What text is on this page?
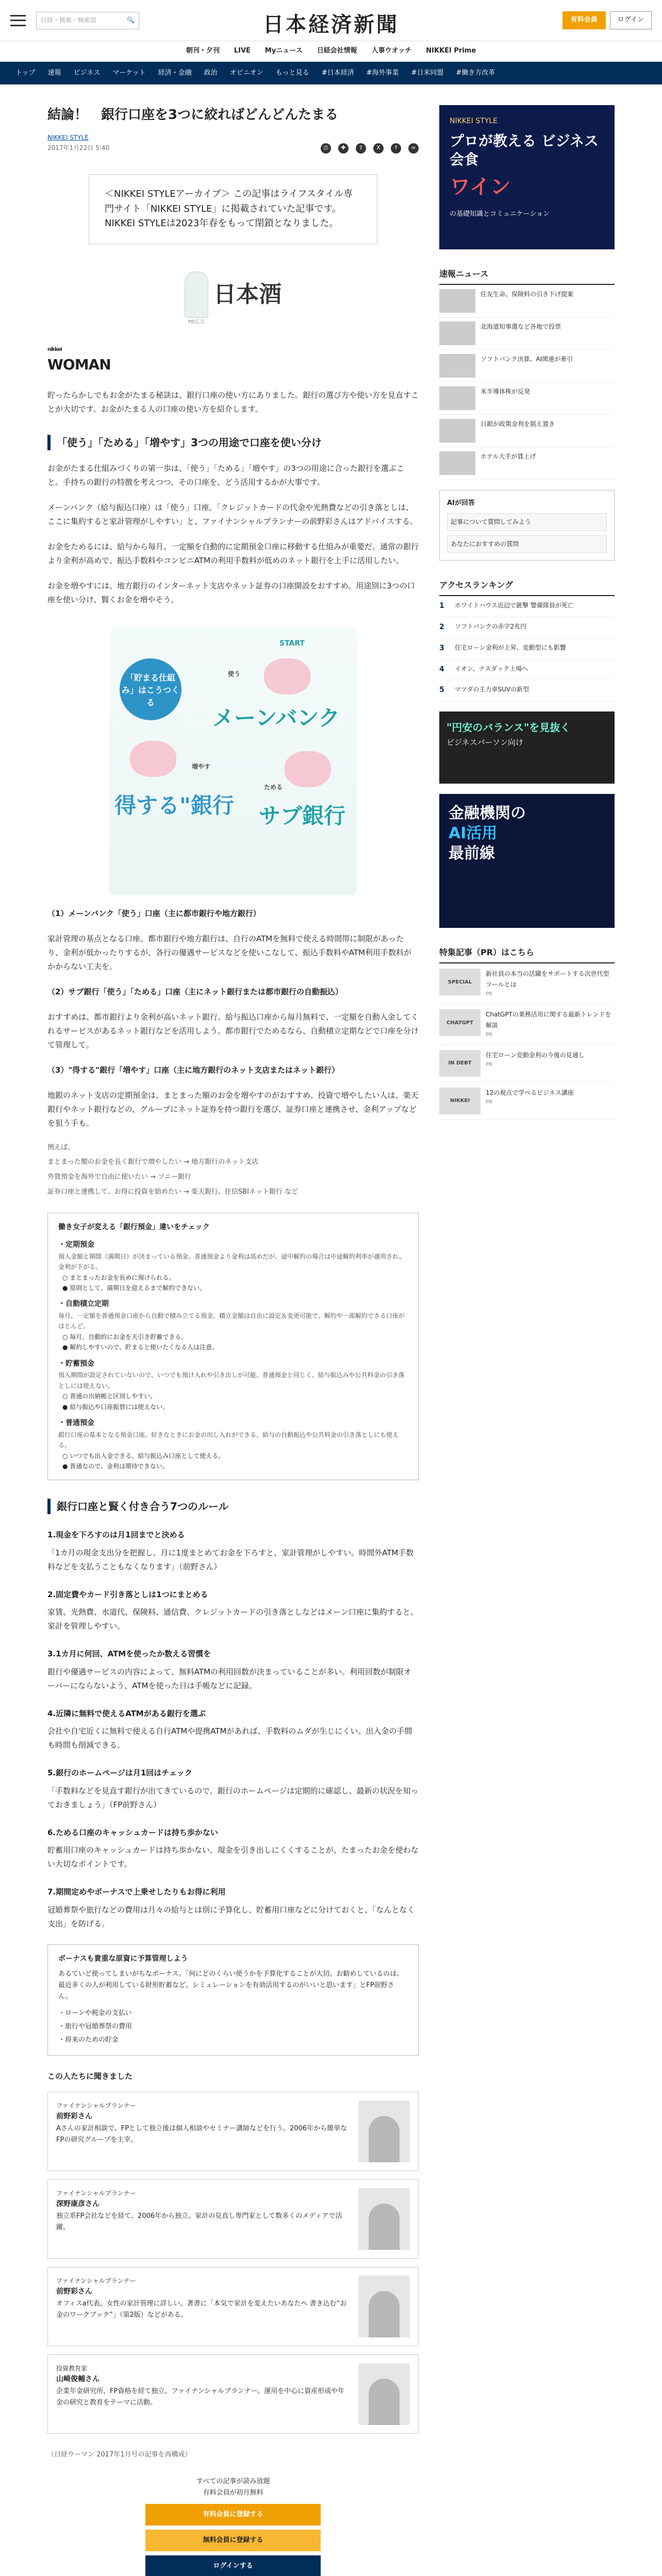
日経・検索・検索語	🔍	日本経済新聞	有料会員	ログイン
朝刊・夕刊 LIVE Myニュース 日経会社情報 人事ウオッチ NIKKEI Prime
トップ 速報 ビジネス マーケット 経済・金融 政治 オピニオン もっと見る #日本経済 #海外事業 #日米同盟 #働き方改革
結論！　銀行口座を3つに絞ればどんどんたまる
NIKKEI STYLE
2017年1月22日 5:40	⎙	✚	⇪	X	f	∞
＜NIKKEI STYLEアーカイブ＞ この記事はライフスタイル専門サイト「NIKKEI STYLE」に掲載されていた記事です。NIKKEI STYLEは2023年春をもって閉鎖となりました。
PR広告
日本酒
nikkei
WOMAN

貯ったらかしでもお金がたまる秘訣は、銀行口座の使い方にありました。銀行の選び方や使い方を見直すことが大切です。お金がたまる人の口座の使い方を紹介します。

「使う」「ためる」「増やす」3つの用途で口座を使い分け

お金がたまる仕組みづくりの第一歩は、「使う」「ためる」「増やす」の3つの用途に合った銀行を選ぶこと。手持ちの銀行の特徴を考えつつ、その口座を、どう活用するかが大事です。

メーンバンク（給与振込口座）は「使う」口座。「クレジットカードの代金や光熱費などの引き落としは、ここに集約すると家計管理がしやすい」と、ファイナンシャルプランナーの前野彩さんはアドバイスする。

お金をためるには、給与から毎月、一定額を自動的に定期預金口座に移動する仕組みが重要だ。通常の銀行より金利が高めで、振込手数料やコンビニATMの利用手数料が低めのネット銀行を上手に活用したい。

お金を増やすには、地方銀行のインターネット支店やネット証券の口座開設をおすすめ。用途別に3つの口座を使い分け、賢くお金を増やそう。

「貯まる仕組み」はこうつくる
START
使う
メーンバンク
増やす
得する"銀行
ためる
サブ銀行

（1）メーンバンク「使う」口座（主に都市銀行や地方銀行）

家計管理の基点となる口座。都市銀行や地方銀行は、自行のATMを無料で使える時間帯に制限があったり、金利が低かったりするが、各行の優遇サービスなどを使いこなして、振込手数料やATM利用手数料がかからない工夫を。

（2）サブ銀行「使う」「ためる」口座（主にネット銀行または都市銀行の自動振込）

おすすめは、都市銀行より金利が高いネット銀行。給与振込口座から毎月無料で、一定額を自動入金してくれるサービスがあるネット銀行などを活用しよう。都市銀行でためるなら、自動積立定期などで口座を分けて管理して。

（3）"得する"銀行「増やす」口座（主に地方銀行のネット支店またはネット銀行）

地銀のネット支店の定期預金は、まとまった額のお金を増やすのがおすすめ。投資で増やしたい人は、楽天銀行やネット銀行などの、グループにネット証券を持つ銀行を選び、証券口座と連携させ、金利アップなどを狙う手も。

例えば、
まとまった額のお金を長く銀行で増やしたい → 地方銀行のネット支店
外貨預金を海外で自由に使いたい → ソニー銀行
証券口座と連携して、お得に投資を始めたい → 楽天銀行、住信SBIネット銀行 など
働き女子が変える「銀行預金」違いをチェック
・定期預金
預入金額と期間（満期日）が決まっている預金。普通預金より金利は高めだが、途中解約の場合は中途解約利率が適用され、金利が下がる。
○ まとまったお金を長めに預けられる。
● 原則として、満期日を迎えるまで解約できない。
・自動積立定期
毎月、一定額を普通預金口座から自動で積み立てる預金。積立金額は自由に設定＆変更可能で、解約や一部解約できる口座がほとんど。
○ 毎月、自動的にお金を天引き貯蓄できる。
● 解約しやすいので、貯まると使いたくなる人は注意。
・貯蓄預金
預入期間が設定されていないので、いつでも預け入れや引き出しが可能。普通預金と同じく、給与振込みや公共料金の引き落としには使えない。
○ 普通の出納帳と区別しやすい。
● 給与振込や口座振替には使えない。
・普通預金
銀行口座の基本となる預金口座。好きなときにお金の出し入れができる。給与の自動振込や公共料金の引き落としにも使える。
○ いつでも出入金できる、給与振込み口座として使える。
● 普通なので、金利は期待できない。
銀行口座と賢く付き合う7つのルール
1.現金を下ろすのは月1回までと決める

「1カ月の現金支出分を把握し、月に1度まとめてお金を下ろすと、家計管理がしやすい。時間外ATM手数料などを支払うこともなくなります」（前野さん）

2.固定費やカード引き落としは1つにまとめる

家賃、光熱費、水道代、保険料、通信費、クレジットカードの引き落としなどはメーン口座に集約すると、家計を管理しやすい。

3.1カ月に何回、ATMを使ったか数える習慣を

銀行や優遇サービスの内容によって、無料ATMの利用回数が決まっていることが多い。利用回数が制限オーバーにならないよう、ATMを使った日は手帳などに記録。

4.近隣に無料で使えるATMがある銀行を選ぶ

会社や自宅近くに無料で使える自行ATMや提携ATMがあれば、手数料のムダが生じにくい。出入金の手間も時間も削減できる。

5.銀行のホームページは月1回はチェック

「手数料などを見直す銀行が出てきているので、銀行のホームページは定期的に確認し、最新の状況を知っておきましょう」（FP前野さん）

6.ためる口座のキャッシュカードは持ち歩かない

貯蓄用口座のキャッシュカードは持ち歩かない。現金を引き出しにくくすることが、たまったお金を使わない大切なポイントです。

7.期間定めやボーナスで上乗せしたりもお得に利用

冠婚葬祭や旅行などの費用は月々の給与とは別に予算化し、貯蓄用口座などに分けておくと、「なんとなく支出」を防げる。

ボーナスも貴重な原資に予算管理しよう
あるていど使ってしまいがちなボーナス。「何にどのくらい使うかを予算化することが大切。お勧めしているのは、最近多くの人が利用している財形貯蓄など、シミュレーションを有効活用するのがいいと思います」とFP前野さん。
・ローンや税金の支払い
・旅行や冠婚葬祭の費用
・将来のための貯金
この人たちに聞きました
ファイナンシャルプランナー
前野彩さん
Aさんの家計相談で、FPとして独立後は個人相談やセミナー講師などを行う。2006年から簡単なFPの研究グループを主宰。
ファイナンシャルプランナー
深野康彦さん
独立系FP会社などを経て、2006年から独立。家計の見直し専門家として数多くのメディアで活躍。
ファイナンシャルプランナー
前野彩さん
オフィスa代表。女性の家計管理に詳しい。著書に「本気で家計を変えたいあなたへ 書き込む“お金のワークブック”」（第2版）などがある。
投資教育家
山崎俊輔さん
企業年金研究所、FP資格を経て独立。ファイナンシャルプランナー。運用を中心に資産形成や年金の研究と教育をテーマに活動。
（日経ウーマン 2017年1月号の記事を再構成）
すべての記事が読み放題
有料会員が初月無料
有料会員に登録する
無料会員に登録する
ログインする
NIKKEI STYLE
プロが教える ビジネス会食
ワイン
の基礎知識とコミュニケーション
速報ニュース
住友生命、保険料の引き下げ提案
北海道知事選など各地で投票
ソフトバンク決算、AI関連が牽引
米半導体株が反発
日銀が政策金利を据え置き
ホテル大手が賃上げ
AIが回答
記事について質問してみよう
あなたにおすすめの質問
アクセスランキング
1	ホワイトハウス近辺で銃撃 警備隊員が死亡
2	ソフトバンクの赤字2兆円
3	住宅ローン金利が上昇、変動型にも影響
4	イオン、ナスダック上場へ
5	マツダの主力車SUVの新型
"円安のバランス"を見抜く
ビジネスパーソン向け
金融機関の
AI活用
最前線
特集記事（PR）はこちら
SPECIAL
新社員の本当の活躍をサポートする次世代型ツールとは
PR
CHATGPT
ChatGPTの業務活用に関する最新トレンドを解説
PR
IN DEBT
住宅ローン変動金利の今後の見通し
PR
NIKKEI
12の視点で学べるビジネス講座
PR
